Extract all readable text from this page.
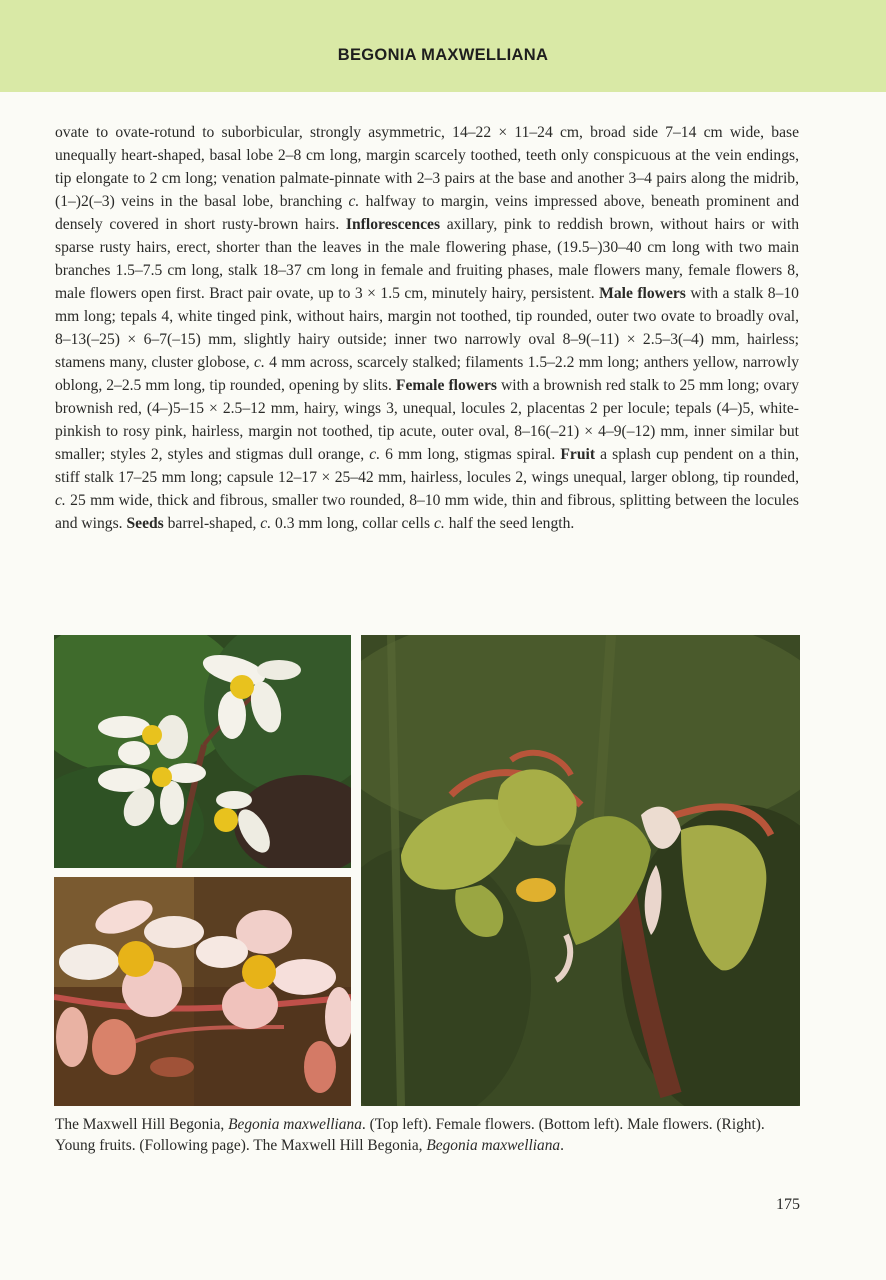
BEGONIA MAXWELLIANA
ovate to ovate-rotund to suborbicular, strongly asymmetric, 14–22 × 11–24 cm, broad side 7–14 cm wide, base unequally heart-shaped, basal lobe 2–8 cm long, margin scarcely toothed, teeth only conspicuous at the vein endings, tip elongate to 2 cm long; venation palmate-pinnate with 2–3 pairs at the base and another 3–4 pairs along the midrib, (1–)2(–3) veins in the basal lobe, branching c. halfway to margin, veins impressed above, beneath prominent and densely covered in short rusty-brown hairs. Inflorescences axillary, pink to reddish brown, without hairs or with sparse rusty hairs, erect, shorter than the leaves in the male flowering phase, (19.5–)30–40 cm long with two main branches 1.5–7.5 cm long, stalk 18–37 cm long in female and fruiting phases, male flowers many, female flowers 8, male flowers open first. Bract pair ovate, up to 3 × 1.5 cm, minutely hairy, persistent. Male flowers with a stalk 8–10 mm long; tepals 4, white tinged pink, without hairs, margin not toothed, tip rounded, outer two ovate to broadly oval, 8–13(–25) × 6–7(–15) mm, slightly hairy outside; inner two narrowly oval 8–9(–11) × 2.5–3(–4) mm, hairless; stamens many, cluster globose, c. 4 mm across, scarcely stalked; filaments 1.5–2.2 mm long; anthers yellow, narrowly oblong, 2–2.5 mm long, tip rounded, opening by slits. Female flowers with a brownish red stalk to 25 mm long; ovary brownish red, (4–)5–15 × 2.5–12 mm, hairy, wings 3, unequal, locules 2, placentas 2 per locule; tepals (4–)5, white-pinkish to rosy pink, hairless, margin not toothed, tip acute, outer oval, 8–16(–21) × 4–9(–12) mm, inner similar but smaller; styles 2, styles and stigmas dull orange, c. 6 mm long, stigmas spiral. Fruit a splash cup pendent on a thin, stiff stalk 17–25 mm long; capsule 12–17 × 25–42 mm, hairless, locules 2, wings unequal, larger oblong, tip rounded, c. 25 mm wide, thick and fibrous, smaller two rounded, 8–10 mm wide, thin and fibrous, splitting between the locules and wings. Seeds barrel-shaped, c. 0.3 mm long, collar cells c. half the seed length.
The Maxwell Hill Begonia, Begonia maxwelliana. (Top left). Female flowers. (Bottom left). Male flowers. (Right). Young fruits. (Following page). The Maxwell Hill Begonia, Begonia maxwelliana.
175
